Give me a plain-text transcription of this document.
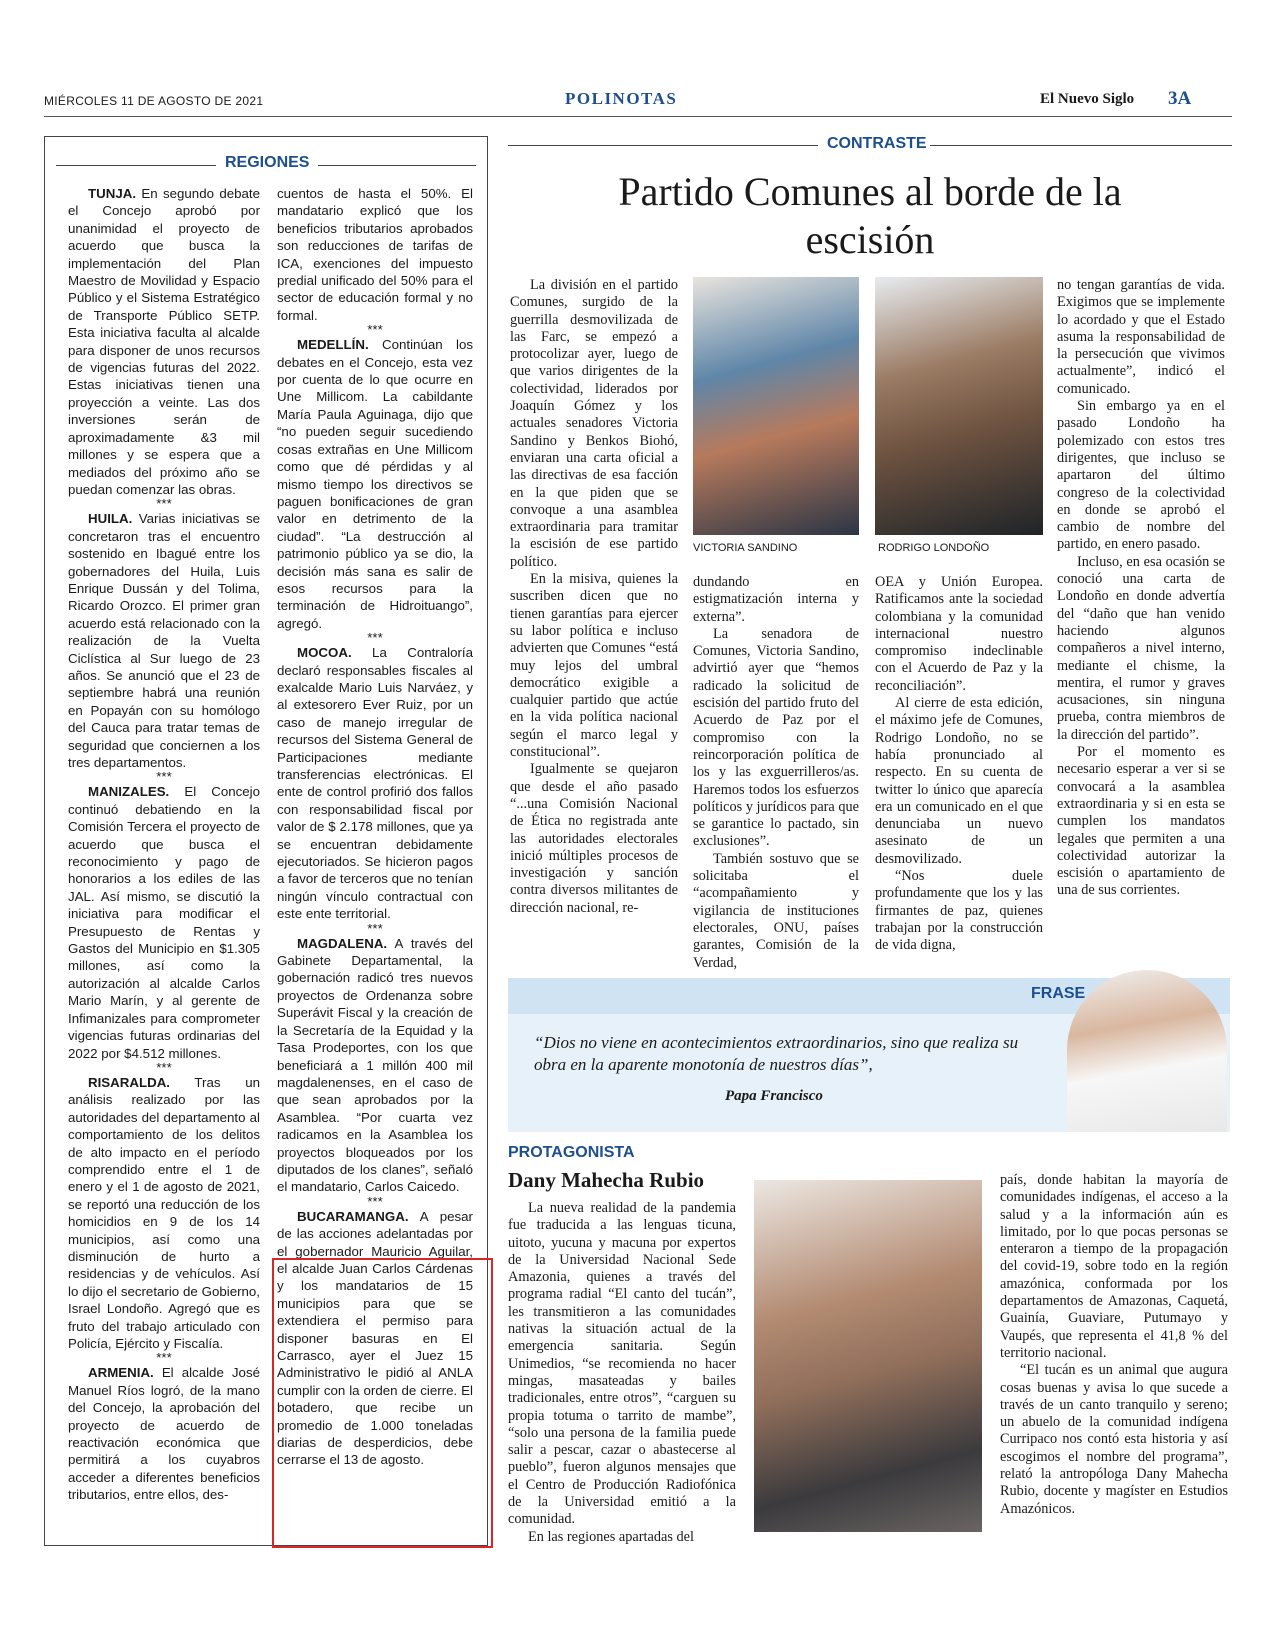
MIÉRCOLES 11 DE AGOSTO DE 2021	POLINOTAS	El Nuevo Siglo 3A
REGIONES

TUNJA. En segundo debate el Concejo aprobó por unanimidad el proyecto de acuerdo que busca la implementación del Plan Maestro de Movilidad y Espacio Público y el Sistema Estratégico de Transporte Público SETP. Esta iniciativa faculta al alcalde para disponer de unos recursos de vigencias futuras del 2022. Estas iniciativas tienen una proyección a veinte. Las dos inversiones serán de aproximadamente &3 mil millones y se espera que a mediados del próximo año se puedan comenzar las obras.

***

HUILA. Varias iniciativas se concretaron tras el encuentro sostenido en Ibagué entre los gobernadores del Huila, Luis Enrique Dussán y del Tolima, Ricardo Orozco. El primer gran acuerdo está relacionado con la realización de la Vuelta Ciclística al Sur luego de 23 años. Se anunció que el 23 de septiembre habrá una reunión en Popayán con su homólogo del Cauca para tratar temas de seguridad que conciernen a los tres departamentos.

***

MANIZALES. El Concejo continuó debatiendo en la Comisión Tercera el proyecto de acuerdo que busca el reconocimiento y pago de honorarios a los ediles de las JAL. Así mismo, se discutió la iniciativa para modificar el Presupuesto de Rentas y Gastos del Municipio en $1.305 millones, así como la autorización al alcalde Carlos Mario Marín, y al gerente de Infimanizales para comprometer vigencias futuras ordinarias del 2022 por $4.512 millones.

***

RISARALDA. Tras un análisis realizado por las autoridades del departamento al comportamiento de los delitos de alto impacto en el período comprendido entre el 1 de enero y el 1 de agosto de 2021, se reportó una reducción de los homicidios en 9 de los 14 municipios, así como una disminución de hurto a residencias y de vehículos. Así lo dijo el secretario de Gobierno, Israel Londoño. Agregó que es fruto del trabajo articulado con Policía, Ejército y Fiscalía.

***

ARMENIA. El alcalde José Manuel Ríos logró, de la mano del Concejo, la aprobación del proyecto de acuerdo de reactivación económica que permitirá a los cuyabros acceder a diferentes beneficios tributarios, entre ellos, des-

cuentos de hasta el 50%. El mandatario explicó que los beneficios tributarios aprobados son reducciones de tarifas de ICA, exenciones del impuesto predial unificado del 50% para el sector de educación formal y no formal.

***

MEDELLÍN. Continúan los debates en el Concejo, esta vez por cuenta de lo que ocurre en Une Millicom. La cabildante María Paula Aguinaga, dijo que “no pueden seguir sucediendo cosas extrañas en Une Millicom como que dé pérdidas y al mismo tiempo los directivos se paguen bonificaciones de gran valor en detrimento de la ciudad”. “La destrucción al patrimonio público ya se dio, la decisión más sana es salir de esos recursos para la terminación de Hidroituango”, agregó.

***

MOCOA. La Contraloría declaró responsables fiscales al exalcalde Mario Luis Narváez, y al extesorero Ever Ruiz, por un caso de manejo irregular de recursos del Sistema General de Participaciones mediante transferencias electrónicas. El ente de control profirió dos fallos con responsabilidad fiscal por valor de $ 2.178 millones, que ya se encuentran debidamente ejecutoriados. Se hicieron pagos a favor de terceros que no tenían ningún vínculo contractual con este ente territorial.

***

MAGDALENA. A través del Gabinete Departamental, la gobernación radicó tres nuevos proyectos de Ordenanza sobre Superávit Fiscal y la creación de la Secretaría de la Equidad y la Tasa Prodeportes, con los que beneficiará a 1 millón 400 mil magdalenenses, en el caso de que sean aprobados por la Asamblea. “Por cuarta vez radicamos en la Asamblea los proyectos bloqueados por los diputados de los clanes”, señaló el mandatario, Carlos Caicedo.

***

BUCARAMANGA. A pesar de las acciones adelantadas por el gobernador Mauricio Aguilar, el alcalde Juan Carlos Cárdenas y los mandatarios de 15 municipios para que se extendiera el permiso para disponer basuras en El Carrasco, ayer el Juez 15 Administrativo le pidió al ANLA cumplir con la orden de cierre. El botadero, que recibe un promedio de 1.000 toneladas diarias de desperdicios, debe cerrarse el 13 de agosto.

CONTRASTE
Partido Comunes al borde de la escisión

La división en el partido Comunes, surgido de la guerrilla desmovilizada de las Farc, se empezó a protocolizar ayer, luego de que varios dirigentes de la colectividad, liderados por Joaquín Gómez y los actuales senadores Victoria Sandino y Benkos Biohó, enviaran una carta oficial a las directivas de esa facción en la que piden que se convoque a una asamblea extraordinaria para tramitar la escisión de ese partido político.

En la misiva, quienes la suscriben dicen que no tienen garantías para ejercer su labor política e incluso advierten que Comunes “está muy lejos del umbral democrático exigible a cualquier partido que actúe en la vida política nacional según el marco legal y constitucional”.

Igualmente se quejaron que desde el año pasado “...una Comisión Nacional de Ética no registrada ante las autoridades electorales inició múltiples procesos de investigación y sanción contra diversos militantes de dirección nacional, re-

VICTORIA SANDINO	RODRIGO LONDOÑO

dundando en estigmatización interna y externa”.

La senadora de Comunes, Victoria Sandino, advirtió ayer que “hemos radicado la solicitud de escisión del partido fruto del Acuerdo de Paz por el compromiso con la reincorporación política de los y las exguerrilleros/as. Haremos todos los esfuerzos políticos y jurídicos para que se garantice lo pactado, sin exclusiones”.

También sostuvo que se solicitaba el “acompañamiento y vigilancia de instituciones electorales, ONU, países garantes, Comisión de la Verdad,

OEA y Unión Europea. Ratificamos ante la sociedad colombiana y la comunidad internacional nuestro compromiso indeclinable con el Acuerdo de Paz y la reconciliación”.

Al cierre de esta edición, el máximo jefe de Comunes, Rodrigo Londoño, no se había pronunciado al respecto. En su cuenta de twitter lo único que aparecía era un comunicado en el que denunciaba un nuevo asesinato de un desmovilizado.

“Nos duele profundamente que los y las firmantes de paz, quienes trabajan por la construcción de vida digna,

no tengan garantías de vida. Exigimos que se implemente lo acordado y que el Estado asuma la responsabilidad de la persecución que vivimos actualmente”, indicó el comunicado.

Sin embargo ya en el pasado Londoño ha polemizado con estos tres dirigentes, que incluso se apartaron del último congreso de la colectividad en donde se aprobó el cambio de nombre del partido, en enero pasado.

Incluso, en esa ocasión se conoció una carta de Londoño en donde advertía del “daño que han venido haciendo algunos compañeros a nivel interno, mediante el chisme, la mentira, el rumor y graves acusaciones, sin ninguna prueba, contra miembros de la dirección del partido”.

Por el momento es necesario esperar a ver si se convocará a la asamblea extraordinaria y si en esta se cumplen los mandatos legales que permiten a una colectividad autorizar la escisión o apartamiento de una de sus corrientes.

FRASE
“Dios no viene en acontecimientos extraordinarios, sino que realiza su obra en la aparente monotonía de nuestros días”,
Papa Francisco
PROTAGONISTA
Dany Mahecha Rubio

La nueva realidad de la pandemia fue traducida a las lenguas ticuna, uitoto, yucuna y macuna por expertos de la Universidad Nacional Sede Amazonia, quienes a través del programa radial “El canto del tucán”, les transmitieron a las comunidades nativas la situación actual de la emergencia sanitaria. Según Unimedios, “se recomienda no hacer mingas, masateadas y bailes tradicionales, entre otros”, “carguen su propia totuma o tarrito de mambe”, “solo una persona de la familia puede salir a pescar, cazar o abastecerse al pueblo”, fueron algunos mensajes que el Centro de Producción Radiofónica de la Universidad emitió a la comunidad.

En las regiones apartadas del

país, donde habitan la mayoría de comunidades indígenas, el acceso a la salud y a la información aún es limitado, por lo que pocas personas se enteraron a tiempo de la propagación del covid-19, sobre todo en la región amazónica, conformada por los departamentos de Amazonas, Caquetá, Guainía, Guaviare, Putumayo y Vaupés, que representa el 41,8 % del territorio nacional.

“El tucán es un animal que augura cosas buenas y avisa lo que sucede a través de un canto tranquilo y sereno; un abuelo de la comunidad indígena Curripaco nos contó esta historia y así escogimos el nombre del programa”, relató la antropóloga Dany Mahecha Rubio, docente y magíster en Estudios Amazónicos.
